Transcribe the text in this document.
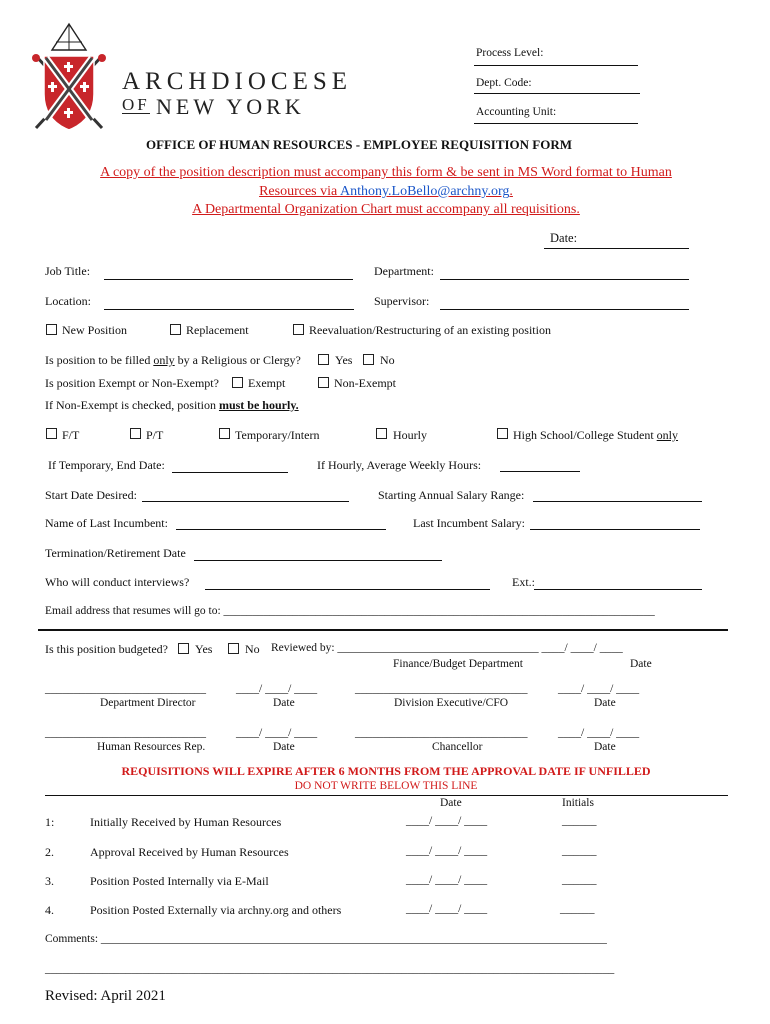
ARCHDIOCESE
OF NEW YORK
Process Level:
Dept. Code:
Accounting Unit:
OFFICE OF HUMAN RESOURCES - EMPLOYEE REQUISITION FORM
A copy of the position description must accompany this form & be sent in MS Word format to Human
Resources via Anthony.LoBello@archny.org.
A Departmental Organization Chart must accompany all requisitions.
Date:
Job Title:	Department:
Location:	Supervisor:
New Position	Replacement	Reevaluation/Restructuring of an existing position
Is position to be filled only by a Religious or Clergy?	Yes No
Is position Exempt or Non-Exempt? Exempt	Non-Exempt
If Non-Exempt is checked, position must be hourly.
F/T	P/T	Temporary/Intern	Hourly	High School/College Student only
If Temporary, End Date:	If Hourly, Average Weekly Hours:
Start Date Desired:	Starting Annual Salary Range:
Name of Last Incumbent:	Last Incumbent Salary:
Termination/Retirement Date
Who will conduct interviews?	Ext.:
Email address that resumes will go to: ___________________________________________________________________________
Is this position budgeted? Yes	No Reviewed by: ___________________________________ ____/ ____/ ____
Finance/Budget Department	Date
____________________________	____/ ____/ ____	______________________________	____/ ____/ ____
Department Director	Date	Division Executive/CFO	Date
____________________________	____/ ____/ ____	______________________________	____/ ____/ ____
Human Resources Rep.	Date	Chancellor	Date
REQUISITIONS WILL EXPIRE AFTER 6 MONTHS FROM THE APPROVAL DATE IF UNFILLED
DO NOT WRITE BELOW THIS LINE
Date	Initials
1:	Initially Received by Human Resources	____/ ____/ ____	______
2.	Approval Received by Human Resources	____/ ____/ ____	______
3.	Position Posted Internally via E-Mail	____/ ____/ ____	______
4.	Position Posted Externally via archny.org and others	____/ ____/ ____	______
Comments: ________________________________________________________________________________________
___________________________________________________________________________________________________
Revised: April 2021
